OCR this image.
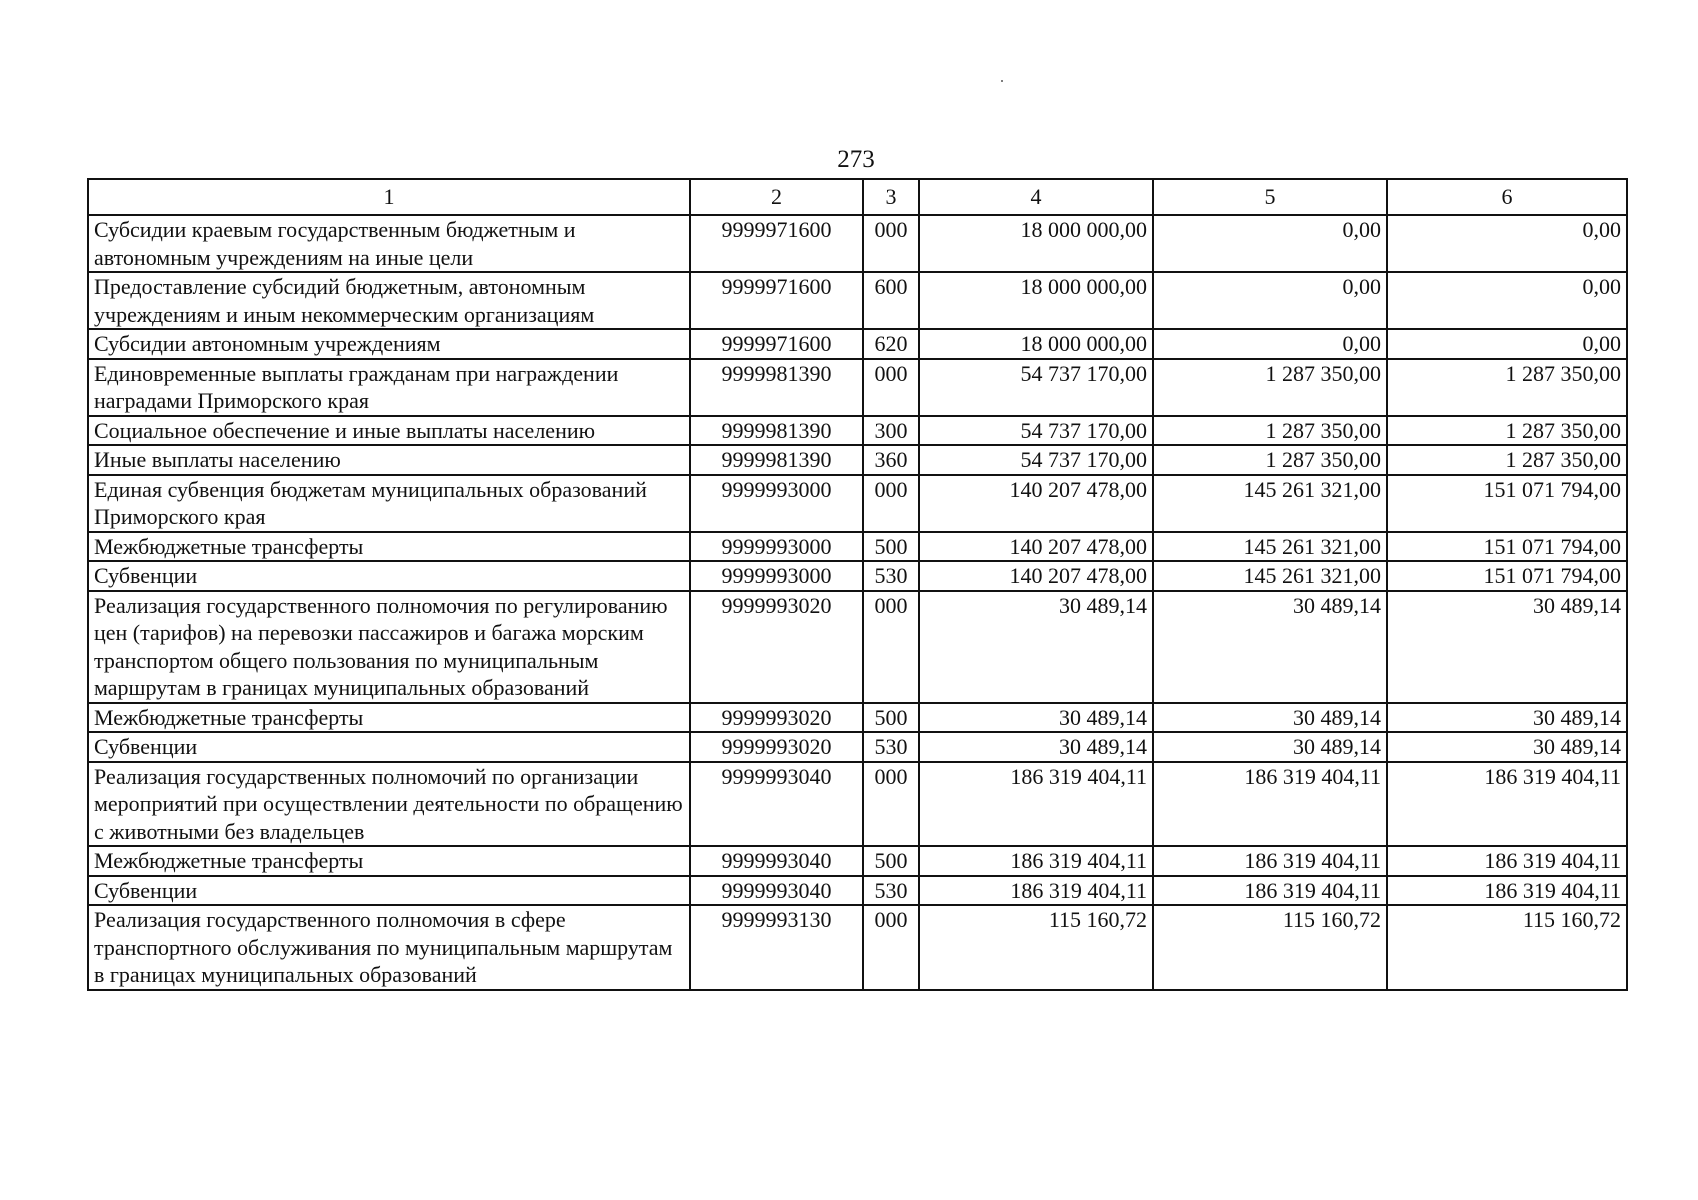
273
1	2	3	4	5	6
Субсидии краевым государственным бюджетным и автономным учреждениям на иные цели	9999971600	000	18 000 000,00	0,00	0,00
Предоставление субсидий бюджетным, автономным учреждениям и иным некоммерческим организациям	9999971600	600	18 000 000,00	0,00	0,00
Субсидии автономным учреждениям	9999971600	620	18 000 000,00	0,00	0,00
Единовременные выплаты гражданам при награждении наградами Приморского края	9999981390	000	54 737 170,00	1 287 350,00	1 287 350,00
Социальное обеспечение и иные выплаты населению	9999981390	300	54 737 170,00	1 287 350,00	1 287 350,00
Иные выплаты населению	9999981390	360	54 737 170,00	1 287 350,00	1 287 350,00
Единая субвенция бюджетам муниципальных образований Приморского края	9999993000	000	140 207 478,00	145 261 321,00	151 071 794,00
Межбюджетные трансферты	9999993000	500	140 207 478,00	145 261 321,00	151 071 794,00
Субвенции	9999993000	530	140 207 478,00	145 261 321,00	151 071 794,00
Реализация государственного полномочия по регулированию цен (тарифов) на перевозки пассажиров и багажа морским транспортом общего пользования по муниципальным маршрутам в границах муниципальных образований	9999993020	000	30 489,14	30 489,14	30 489,14
Межбюджетные трансферты	9999993020	500	30 489,14	30 489,14	30 489,14
Субвенции	9999993020	530	30 489,14	30 489,14	30 489,14
Реализация государственных полномочий по организации мероприятий при осуществлении деятельности по обращению с животными без владельцев	9999993040	000	186 319 404,11	186 319 404,11	186 319 404,11
Межбюджетные трансферты	9999993040	500	186 319 404,11	186 319 404,11	186 319 404,11
Субвенции	9999993040	530	186 319 404,11	186 319 404,11	186 319 404,11
Реализация государственного полномочия в сфере транспортного обслуживания по муниципальным маршрутам в границах муниципальных образований	9999993130	000	115 160,72	115 160,72	115 160,72
